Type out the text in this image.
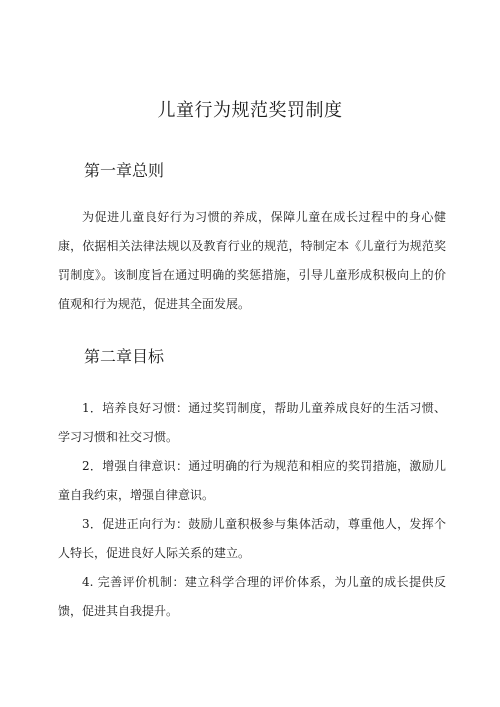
儿童行为规范奖罚制度
第一章总则

为促进儿童良好行为习惯的养成，保障儿童在成长过程中的身心健康，依据相关法律法规以及教育行业的规范，特制定本《儿童行为规范奖罚制度》。该制度旨在通过明确的奖惩措施，引导儿童形成积极向上的价值观和行为规范，促进其全面发展。

第二章目标
1．培养良好习惯：通过奖罚制度，帮助儿童养成良好的生活习惯、学习习惯和社交习惯。
2．增强自律意识：通过明确的行为规范和相应的奖罚措施，激励儿童自我约束，增强自律意识。
3．促进正向行为：鼓励儿童积极参与集体活动，尊重他人，发挥个人特长，促进良好人际关系的建立。
4. 完善评价机制：建立科学合理的评价体系，为儿童的成长提供反馈，促进其自我提升。
